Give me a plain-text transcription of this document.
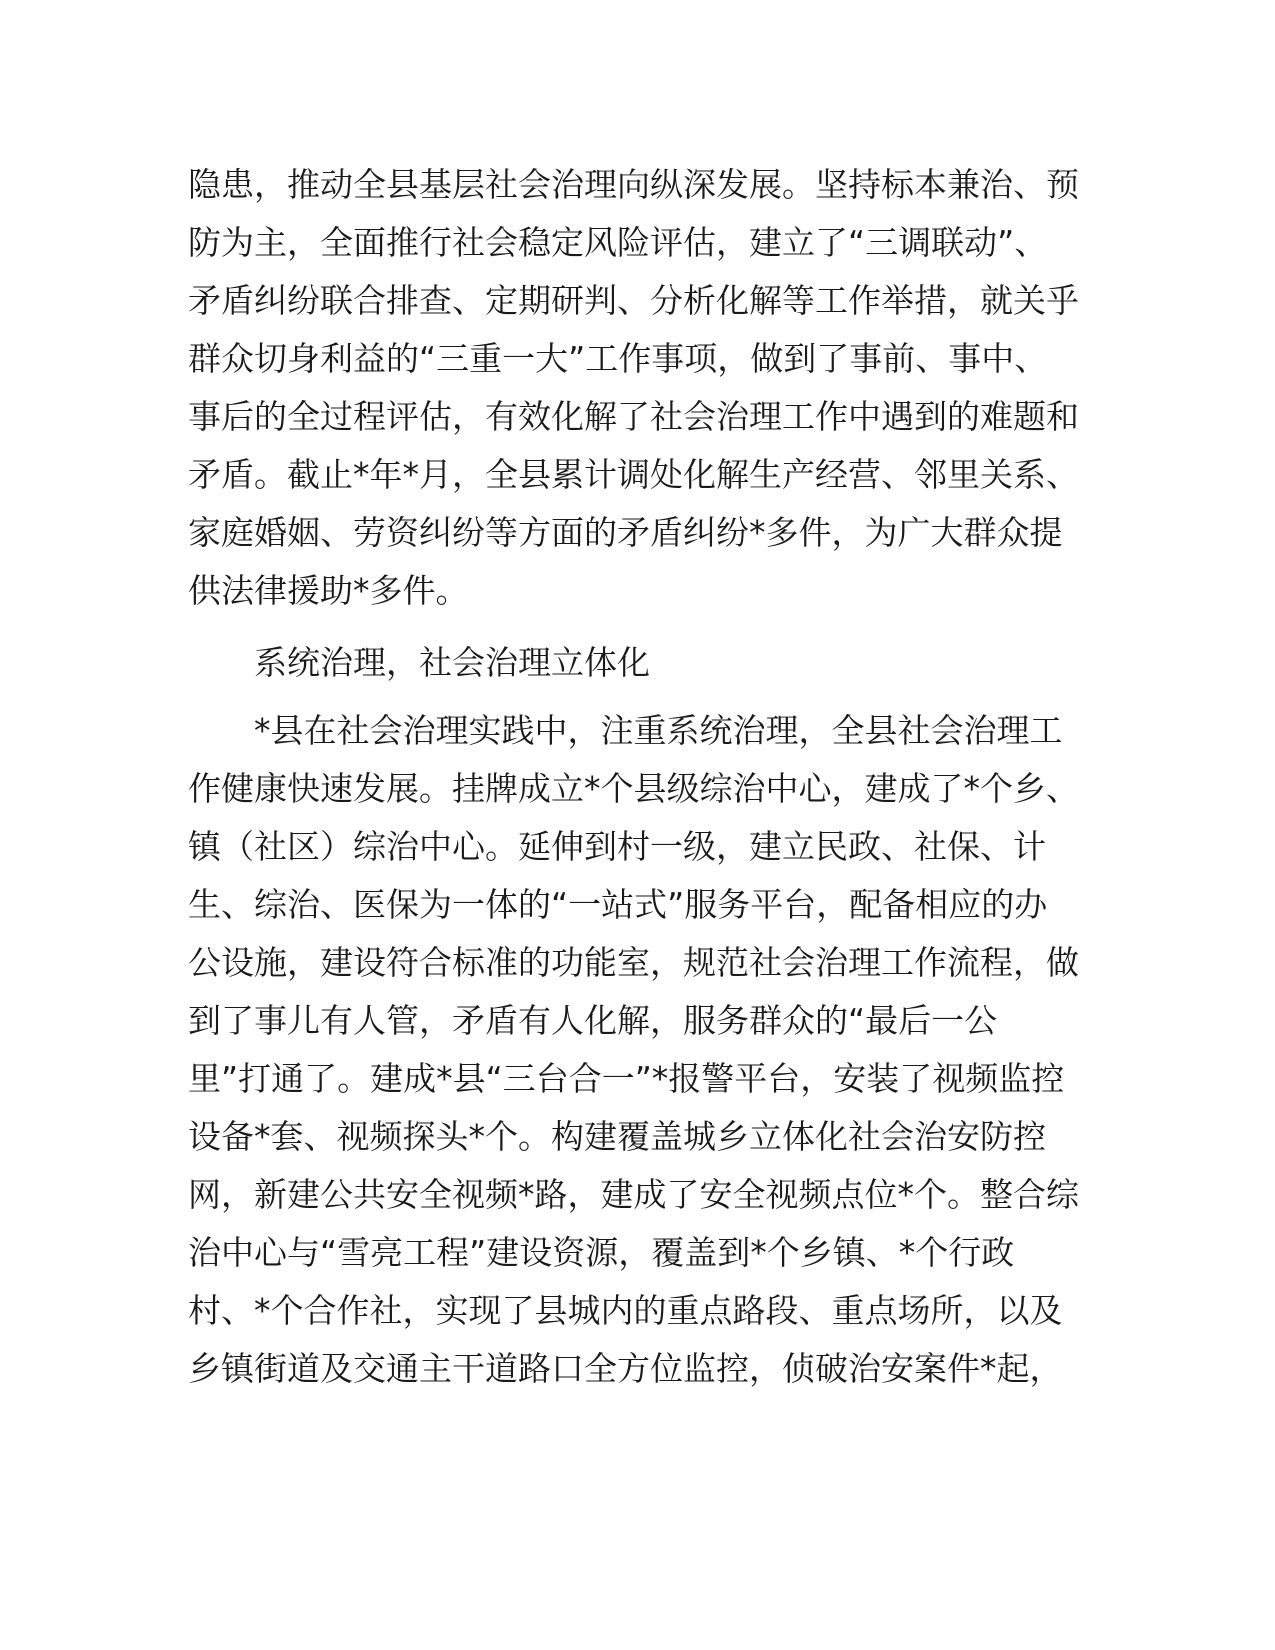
隐患，推动全县基层社会治理向纵深发展。坚持标本兼治、预
防为主，全面推行社会稳定风险评估，建立了“三调联动”、
矛盾纠纷联合排查、定期研判、分析化解等工作举措，就关乎
群众切身利益的“三重一大”工作事项，做到了事前、事中、
事后的全过程评估，有效化解了社会治理工作中遇到的难题和
矛盾。截止*年*月，全县累计调处化解生产经营、邻里关系、
家庭婚姻、劳资纠纷等方面的矛盾纠纷*多件，为广大群众提
供法律援助*多件。
系统治理，社会治理立体化
*县在社会治理实践中，注重系统治理，全县社会治理工
作健康快速发展。挂牌成立*个县级综治中心，建成了*个乡、
镇（社区）综治中心。延伸到村一级，建立民政、社保、计
生、综治、医保为一体的“一站式”服务平台，配备相应的办
公设施，建设符合标准的功能室，规范社会治理工作流程，做
到了事儿有人管，矛盾有人化解，服务群众的“最后一公
里”打通了。建成*县“三台合一”*报警平台，安装了视频监控
设备*套、视频探头*个。构建覆盖城乡立体化社会治安防控
网，新建公共安全视频*路，建成了安全视频点位*个。整合综
治中心与“雪亮工程”建设资源，覆盖到*个乡镇、*个行政
村、*个合作社，实现了县城内的重点路段、重点场所，以及
乡镇街道及交通主干道路口全方位监控，侦破治安案件*起，
